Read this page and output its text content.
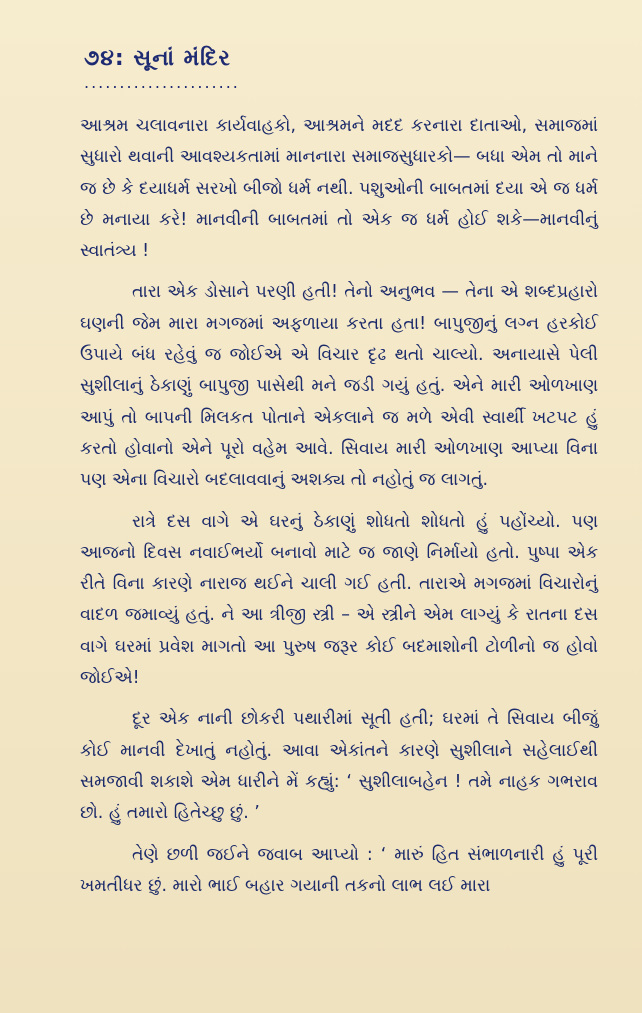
૭૪: સૂનાં મંદિર
......................

આશ્રમ ચલાવનારા કાર્યવાહકો, આશ્રમને મદદ કરનારા દાતાઓ, સમાજમાં સુધારો થવાની આવશ્યકતામાં માનનારા સમાજસુધારકો— બધા એમ તો માને જ છે કે દયાધર્મ સરખો બીજો ધર્મ નથી. પશુઓની બાબતમાં દયા એ જ ધર્મ છે મનાયા કરે! માનવીની બાબતમાં તો એક જ ધર્મ હોઈ શકે—માનવીનું સ્વાતંત્ર્ય !

તારા એક ડોસાને પરણી હતી! તેનો અનુભવ — તેના એ શબ્દપ્રહારો ઘણની જેમ મારા મગજમાં અફળાયા કરતા હતા! બાપુજીનું લગ્ન હરકોઈ ઉપાયે બંધ રહેવું જ જોઈએ એ વિચાર દૃઢ થતો ચાલ્યો. અનાયાસે પેલી સુશીલાનું ઠેકાણું બાપુજી પાસેથી મને જડી ગયું હતું. એને મારી ઓળખાણ આપું તો બાપની મિલકત પોતાને એકલાને જ મળે એવી સ્વાર્થી ખટપટ હું કરતો હોવાનો એને પૂરો વહેમ આવે. સિવાય મારી ઓળખાણ આપ્યા વિના પણ એના વિચારો બદલાવવાનું અશક્ય તો નહોતું જ લાગતું.

રાત્રે દસ વાગે એ ઘરનું ઠેકાણું શોધતો શોધતો હું પહોંચ્યો. પણ આજનો દિવસ નવાઈભર્યો બનાવો માટે જ જાણે નિર્માયો હતો. પુષ્પા એક રીતે વિના કારણે નારાજ થઈને ચાલી ગઈ હતી. તારાએ મગજમાં વિચારોનું વાદળ જમાવ્યું હતું. ને આ ત્રીજી સ્ત્રી – એ સ્ત્રીને એમ લાગ્યું કે રાતના દસ વાગે ઘરમાં પ્રવેશ માગતો આ પુરુષ જરૂર કોઈ બદમાશોની ટોળીનો જ હોવો જોઈએ!

દૂર એક નાની છોકરી પથારીમાં સૂતી હતી; ઘરમાં તે સિવાય બીજું કોઈ માનવી દેખાતું નહોતું. આવા એકાંતને કારણે સુશીલાને સહેલાઈથી સમજાવી શકાશે એમ ધારીને મેં કહ્યું: ‘ સુશીલાબહેન ! તમે નાહક ગભરાવ છો. હું તમારો હિતેચ્છુ છું. ’

તેણે છળી જઈને જવાબ આપ્યો : ‘ મારું હિત સંભાળનારી હું પૂરી ખમતીધર છું. મારો ભાઈ બહાર ગયાની તકનો લાભ લઈ મારા
